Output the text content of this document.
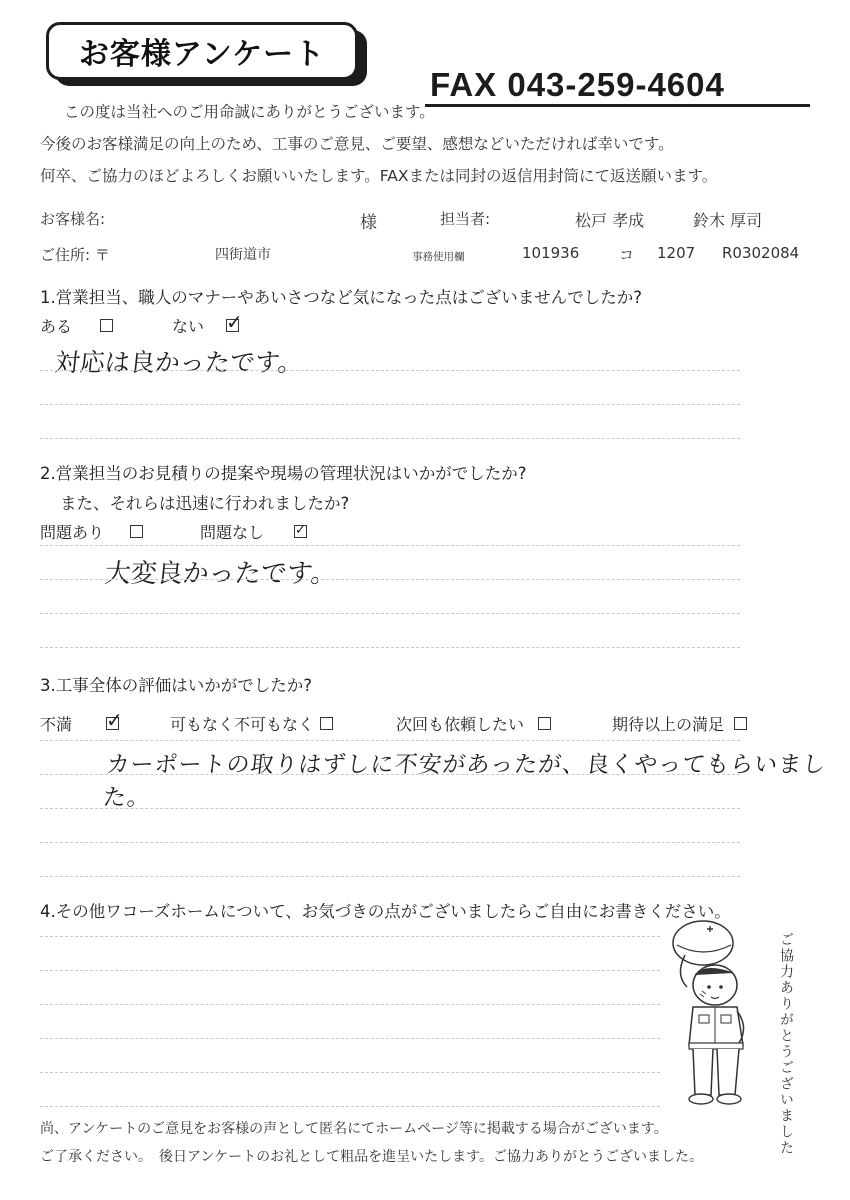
お客様アンケート
FAX 043-259-4604
この度は当社へのご用命誠にありがとうございます。
今後のお客様満足の向上のため、工事のご意見、ご要望、感想などいただければ幸いです。
何卒、ご協力のほどよろしくお願いいたします。FAXまたは同封の返信用封筒にて返送願います。
お客様名:	様	担当者:	松戸 孝成	鈴木 厚司
ご住所: 〒	四街道市	事務使用欄	101936	コ 1207 R0302084
1.営業担当、職人のマナーやあいさつなど気になった点はございませんでしたか?
ある	ない ✓
対応は良かったです。
2.営業担当のお見積りの提案や現場の管理状況はいかがでしたか?
また、それらは迅速に行われましたか?
問題あり	問題なし ✓
大変良かったです。
3.工事全体の評価はいかがでしたか?
不満 ✓	可もなく不可もなく	次回も依頼したい	期待以上の満足
カーポートの取りはずしに不安があったが、良くやってもらいました。
4.その他ワコーズホームについて、お気づきの点がございましたらご自由にお書きください。
ご協力ありがとうございました
尚、アンケートのご意見をお客様の声として匿名にてホームページ等に掲載する場合がございます。
ご了承ください。　後日アンケートのお礼として粗品を進呈いたします。ご協力ありがとうございました。
